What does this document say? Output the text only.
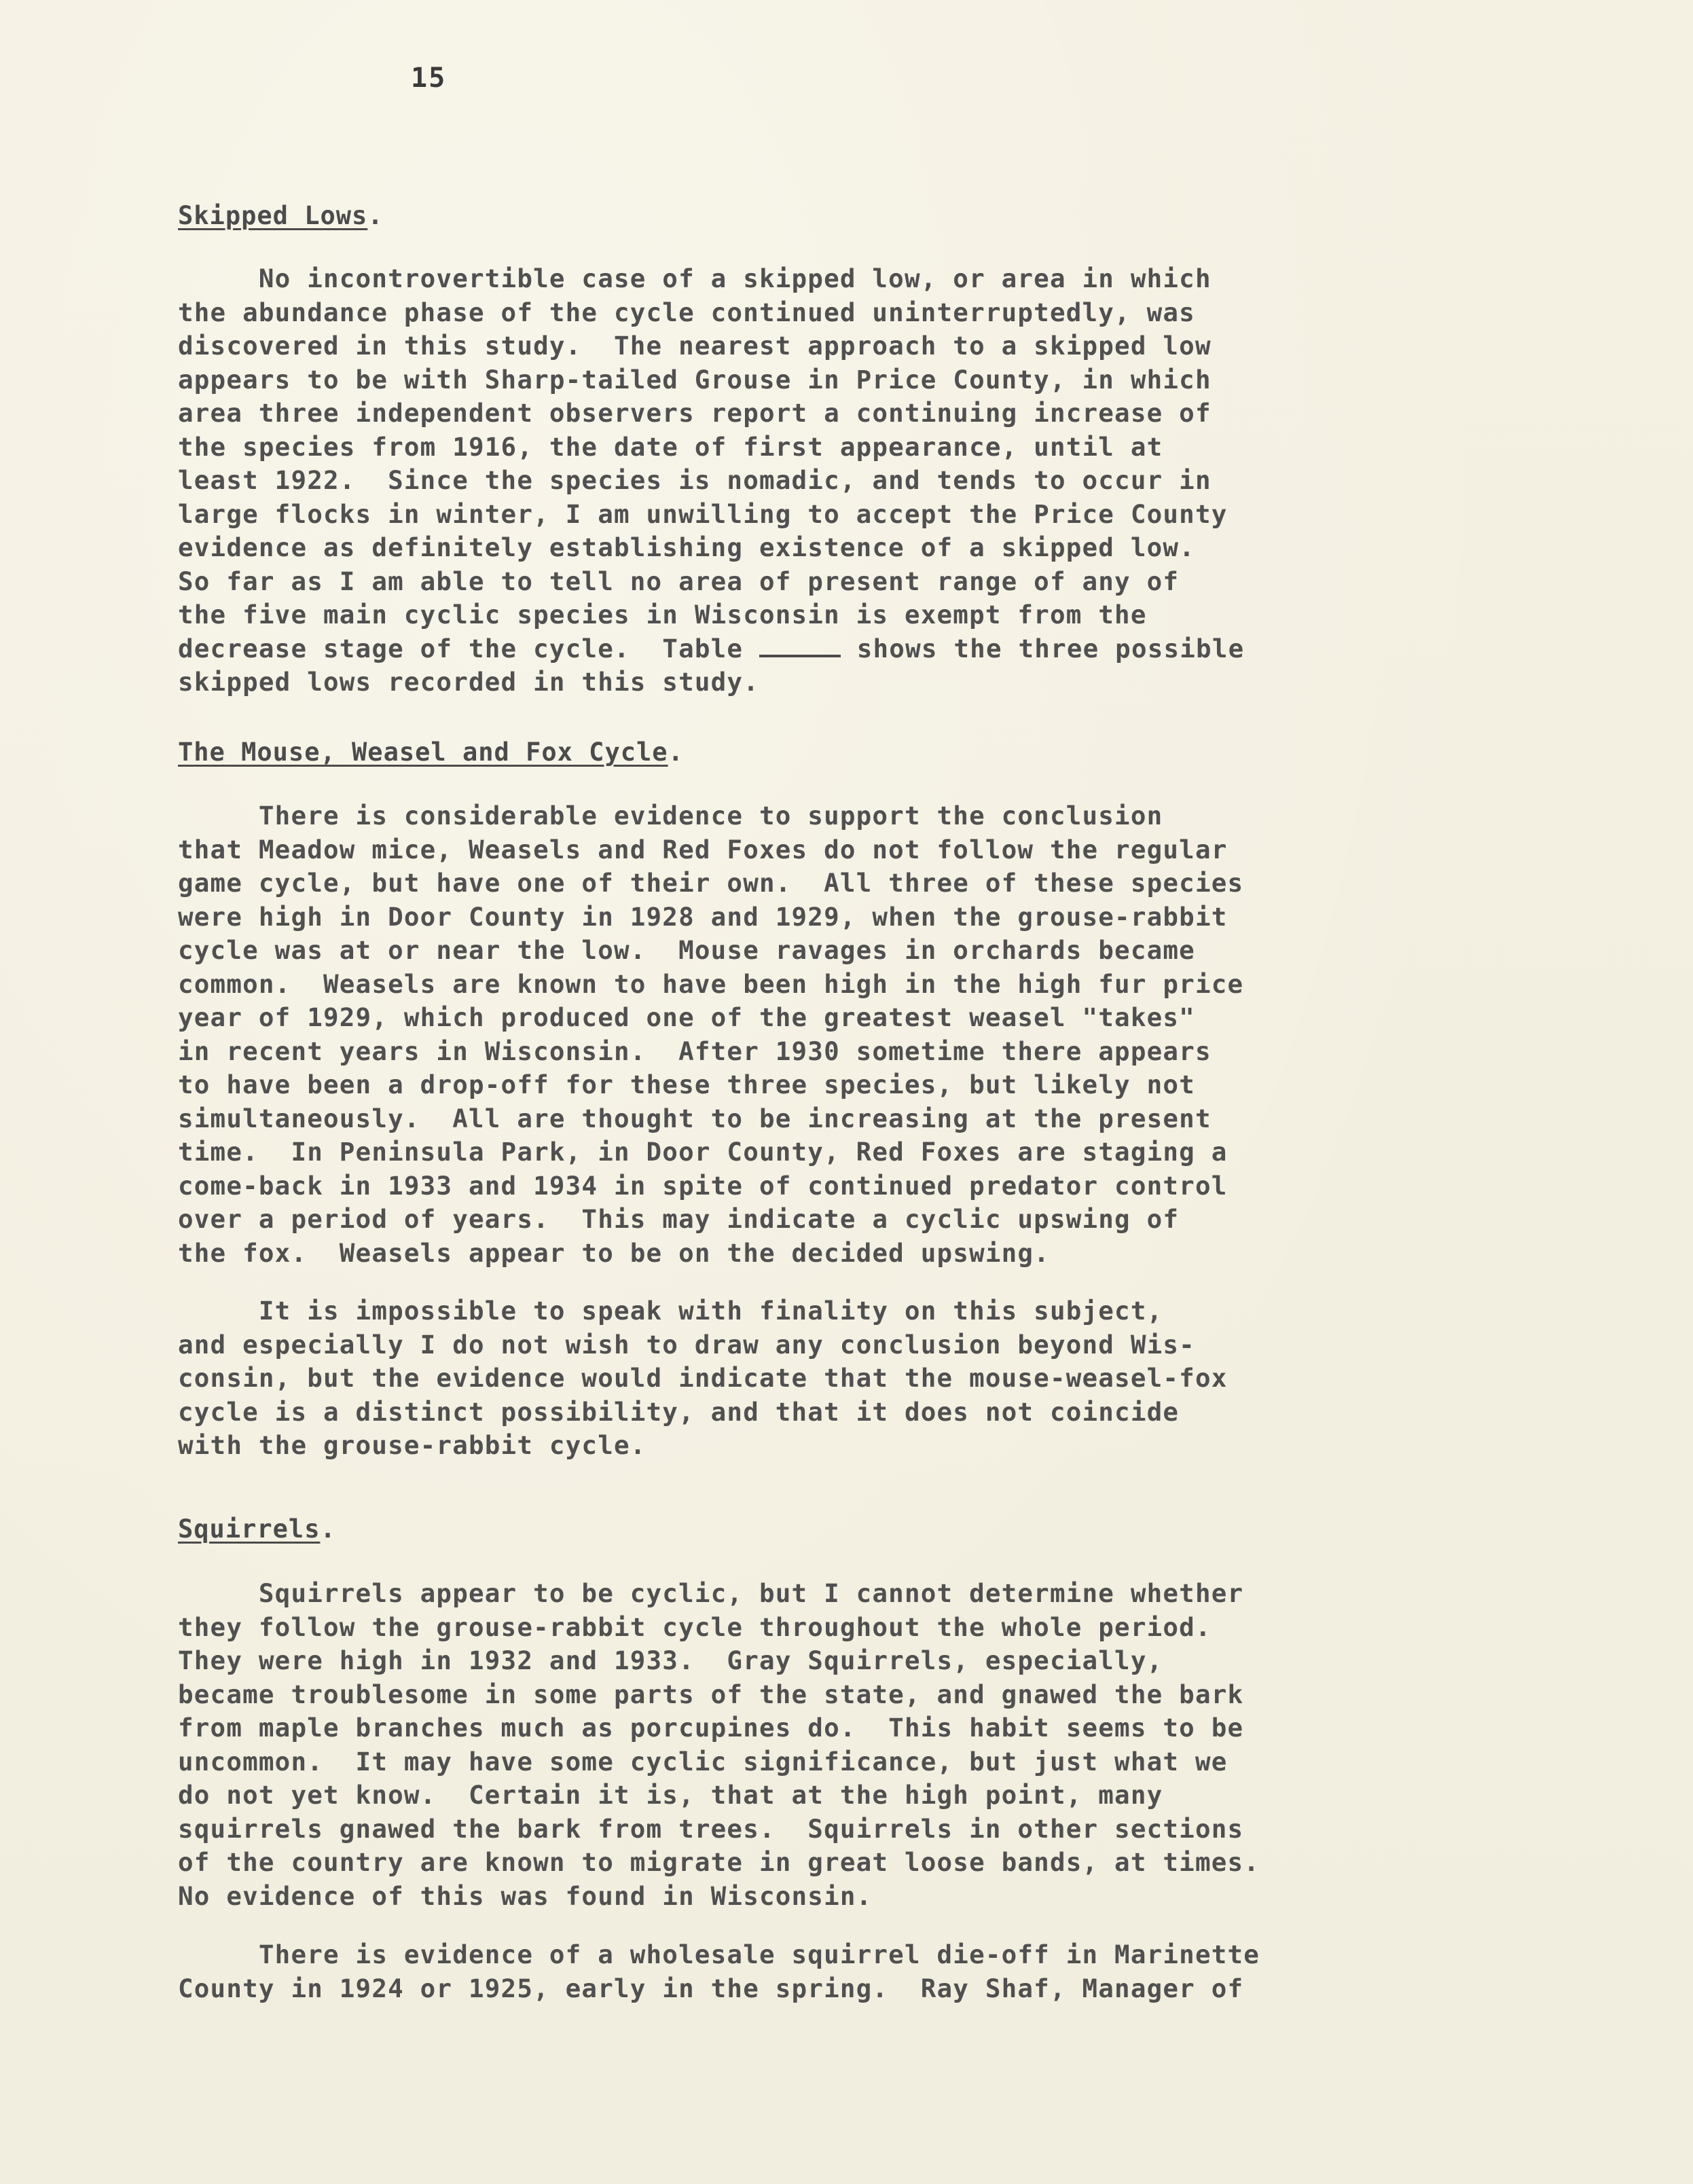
15
Skipped Lows.
No incontrovertible case of a skipped low, or area in which
the abundance phase of the cycle continued uninterruptedly, was
discovered in this study.  The nearest approach to a skipped low
appears to be with Sharp-tailed Grouse in Price County, in which
area three independent observers report a continuing increase of
the species from 1916, the date of first appearance, until at
least 1922.  Since the species is nomadic, and tends to occur in
large flocks in winter, I am unwilling to accept the Price County
evidence as definitely establishing existence of a skipped low.
So far as I am able to tell no area of present range of any of
the five main cyclic species in Wisconsin is exempt from the
decrease stage of the cycle.  Table	shows the three possible
skipped lows recorded in this study.
The Mouse, Weasel and Fox Cycle.
There is considerable evidence to support the conclusion
that Meadow mice, Weasels and Red Foxes do not follow the regular
game cycle, but have one of their own.  All three of these species
were high in Door County in 1928 and 1929, when the grouse-rabbit
cycle was at or near the low.  Mouse ravages in orchards became
common.  Weasels are known to have been high in the high fur price
year of 1929, which produced one of the greatest weasel "takes"
in recent years in Wisconsin.  After 1930 sometime there appears
to have been a drop-off for these three species, but likely not
simultaneously.  All are thought to be increasing at the present
time.  In Peninsula Park, in Door County, Red Foxes are staging a
come-back in 1933 and 1934 in spite of continued predator control
over a period of years.  This may indicate a cyclic upswing of
the fox.  Weasels appear to be on the decided upswing.
It is impossible to speak with finality on this subject,
and especially I do not wish to draw any conclusion beyond Wis-
consin, but the evidence would indicate that the mouse-weasel-fox
cycle is a distinct possibility, and that it does not coincide
with the grouse-rabbit cycle.
Squirrels.
Squirrels appear to be cyclic, but I cannot determine whether
they follow the grouse-rabbit cycle throughout the whole period.
They were high in 1932 and 1933.  Gray Squirrels, especially,
became troublesome in some parts of the state, and gnawed the bark
from maple branches much as porcupines do.  This habit seems to be
uncommon.  It may have some cyclic significance, but just what we
do not yet know.  Certain it is, that at the high point, many
squirrels gnawed the bark from trees.  Squirrels in other sections
of the country are known to migrate in great loose bands, at times.
No evidence of this was found in Wisconsin.
There is evidence of a wholesale squirrel die-off in Marinette
County in 1924 or 1925, early in the spring.  Ray Shaf, Manager of
